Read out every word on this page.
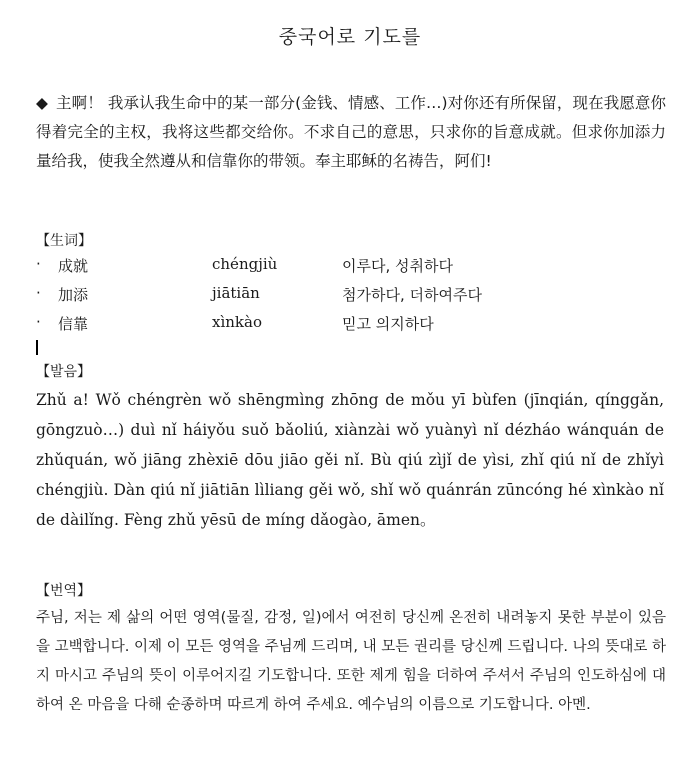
중국어로 기도를
◆ 主啊！ 我承认我生命中的某一部分(金钱、情感、工作…)对你还有所保留，现在我愿意你得着完全的主权，我将这些都交给你。不求自己的意思，只求你的旨意成就。但求你加添力量给我，使我全然遵从和信靠你的带领。奉主耶稣的名祷告，阿们!
【生词】
· 成就	chéngjiù	이루다, 성취하다
· 加添	jiātiān	첨가하다, 더하여주다
· 信靠	xìnkào	믿고 의지하다
【발음】
Zhǔ a! Wǒ chéngrèn wǒ shēngmìng zhōng de mǒu yī bùfen (jīnqián, qínggǎn, gōngzuò…) duì nǐ háiyǒu suǒ bǎoliú, xiànzài wǒ yuànyì nǐ dézháo wánquán de zhǔquán, wǒ jiāng zhèxiē dōu jiāo gěi nǐ. Bù qiú zìjǐ de yìsi, zhǐ qiú nǐ de zhǐyì chéngjiù. Dàn qiú nǐ jiātiān lìliang gěi wǒ, shǐ wǒ quánrán zūncóng hé xìnkào nǐ de dàilǐng. Fèng zhǔ yēsū de míng dǎogào, āmen。
【번역】
주님, 저는 제 삶의 어떤 영역(물질, 감정, 일)에서 여전히 당신께 온전히 내려놓지 못한 부분이 있음을 고백합니다. 이제 이 모든 영역을 주님께 드리며, 내 모든 권리를 당신께 드립니다. 나의 뜻대로 하지 마시고 주님의 뜻이 이루어지길 기도합니다. 또한 제게 힘을 더하여 주셔서 주님의 인도하심에 대하여 온 마음을 다해 순종하며 따르게 하여 주세요. 예수님의 이름으로 기도합니다. 아멘.
